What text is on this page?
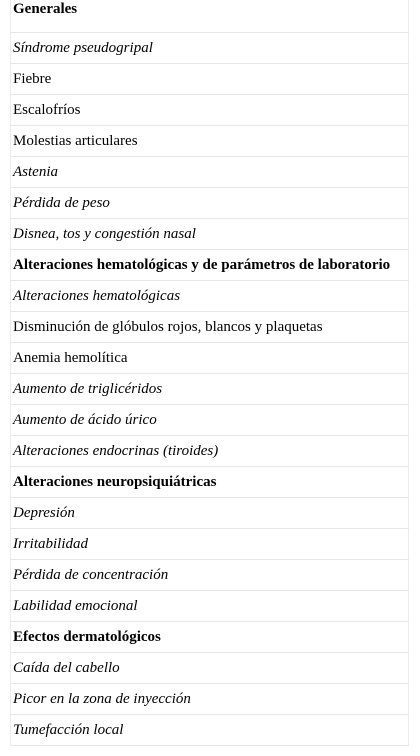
Generales
Síndrome pseudogripal
Fiebre
Escalofríos
Molestias articulares
Astenia
Pérdida de peso
Disnea, tos y congestión nasal
Alteraciones hematológicas y de parámetros de laboratorio
Alteraciones hematológicas
Disminución de glóbulos rojos, blancos y plaquetas
Anemia hemolítica
Aumento de triglicéridos
Aumento de ácido úrico
Alteraciones endocrinas (tiroides)
Alteraciones neuropsiquiátricas
Depresión
Irritabilidad
Pérdida de concentración
Labilidad emocional
Efectos dermatológicos
Caída del cabello
Picor en la zona de inyección
Tumefacción local
